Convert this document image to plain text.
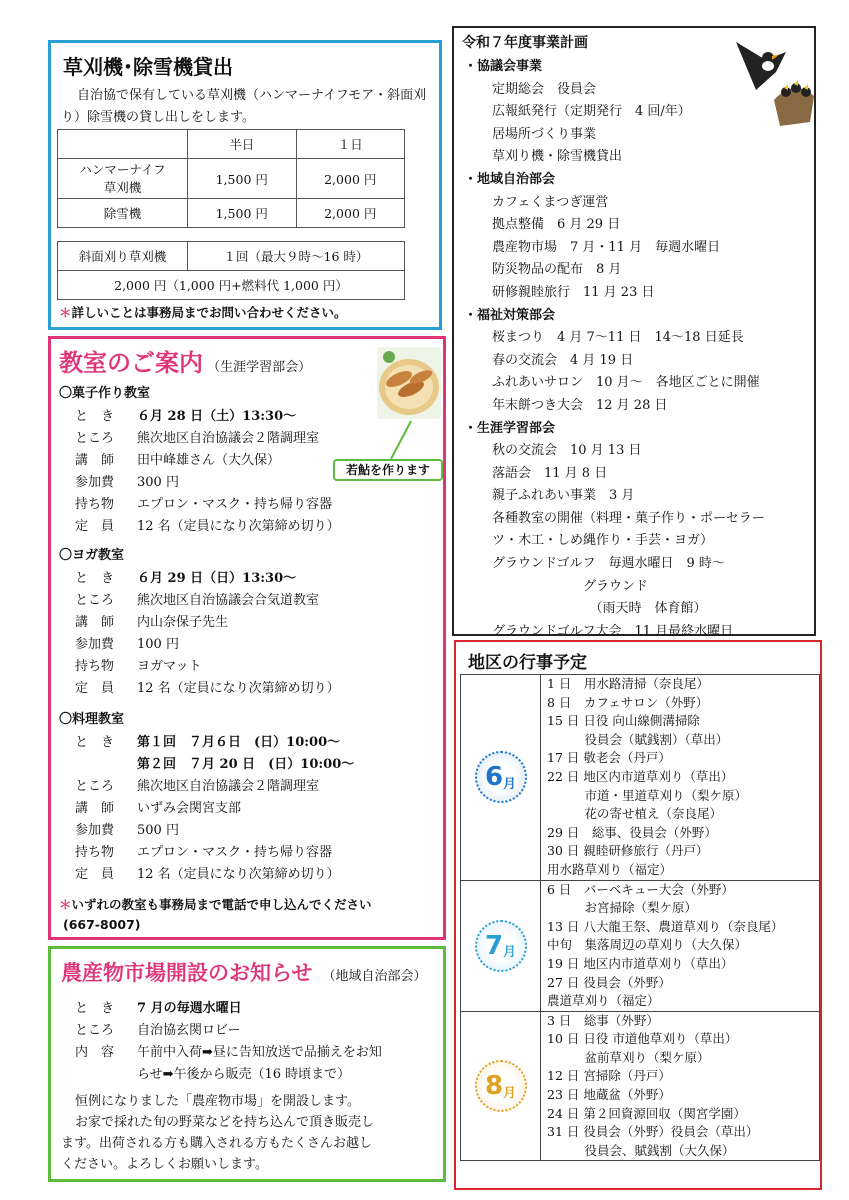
草刈機･除雪機貸出
自治協で保有している草刈機（ハンマーナイフモア・斜面刈り）除雪機の貸し出しをします。
	半日	１日
ハンマーナイフ
草刈機	1,500 円	2,000 円
除雪機	1,500 円	2,000 円
斜面刈り草刈機	１回（最大９時～16 時）
2,000 円（1,000 円+燃料代 1,000 円）
＊詳しいことは事務局までお問い合わせください。
教室のご案内 （生涯学習部会）
若鮎を作ります
〇菓子作り教室
と　き	６月 28 日（土）13:30～
ところ	熊次地区自治協議会２階調理室
講　師	田中峰雄さん（大久保）
参加費	300 円
持ち物	エプロン・マスク・持ち帰り容器
定　員	12 名（定員になり次第締め切り）
〇ヨガ教室
と　き	６月 29 日（日）13:30～
ところ	熊次地区自治協議会合気道教室
講　師	内山奈保子先生
参加費	100 円
持ち物	ヨガマット
定　員	12 名（定員になり次第締め切り）
〇料理教室
と　き	第１回　７月６日　(日）10:00～
第２回　７月 20 日　(日）10:00～
ところ	熊次地区自治協議会２階調理室
講　師	いずみ会関宮支部
参加費	500 円
持ち物	エプロン・マスク・持ち帰り容器
定　員	12 名（定員になり次第締め切り）
＊いずれの教室も事務局まで電話で申し込んでください
(667-8007)
農産物市場開設のお知らせ （地域自治部会）
と　き	7 月の毎週水曜日
ところ	自治協玄関ロビー
内　容	午前中入荷➡昼に告知放送で品揃えをお知
らせ➡午後から販売（16 時頃まで）
恒例になりました「農産物市場」を開設します。
お家で採れた旬の野菜などを持ち込んで頂き販売し
ます。出荷される方も購入される方もたくさんお越し
ください。よろしくお願いします。
令和７年度事業計画
・協議会事業
定期総会　役員会
広報紙発行（定期発行　4 回/年）
居場所づくり事業
草刈り機・除雪機貸出
・地域自治部会
カフェくまつぎ運営
拠点整備　6 月 29 日
農産物市場　7 月・11 月　毎週水曜日
防災物品の配布　8 月
研修親睦旅行　11 月 23 日
・福祉対策部会
桜まつり　4 月 7～11 日　14～18 日延長
春の交流会　4 月 19 日
ふれあいサロン　10 月～　各地区ごとに開催
年末餅つき大会　12 月 28 日
・生涯学習部会
秋の交流会　10 月 13 日
落語会　11 月 8 日
親子ふれあい事業　3 月
各種教室の開催（料理・菓子作り・ポーセラー
ツ・木工・しめ縄作り・手芸・ヨガ）
グラウンドゴルフ　毎週水曜日　9 時～
　　　　　　　グラウンド
　　　　　　　　（雨天時　体育館）
グラウンドゴルフ大会　11 月最終水曜日
地区の行事予定
6 月
1 日　用水路清掃（奈良尾）
8 日　カフェサロン（外野）
15 日 日役 向山線側溝掃除
　　　役員会（賦銭割）（草出）
17 日 敬老会（丹戸）
22 日 地区内市道草刈り（草出）
　　　市道・里道草刈り（梨ケ原）
　　　花の寄せ植え（奈良尾）
29 日　総事、役員会（外野）
30 日 親睦研修旅行（丹戸）
用水路草刈り（福定）
7 月
6 日　バーベキュー大会（外野）
　　　お宮掃除（梨ケ原）
13 日 八大龍王祭、農道草刈り（奈良尾）
中旬　集落周辺の草刈り（大久保）
19 日 地区内市道草刈り（草出）
27 日 役員会（外野）
農道草刈り（福定）
8 月
3 日　総事（外野）
10 日 日役 市道他草刈り（草出）
　　　盆前草刈り（梨ケ原）
12 日 宮掃除（丹戸）
23 日 地蔵盆（外野）
24 日 第２回資源回収（関宮学園）
31 日 役員会（外野）役員会（草出）
　　　役員会、賦銭割（大久保）
